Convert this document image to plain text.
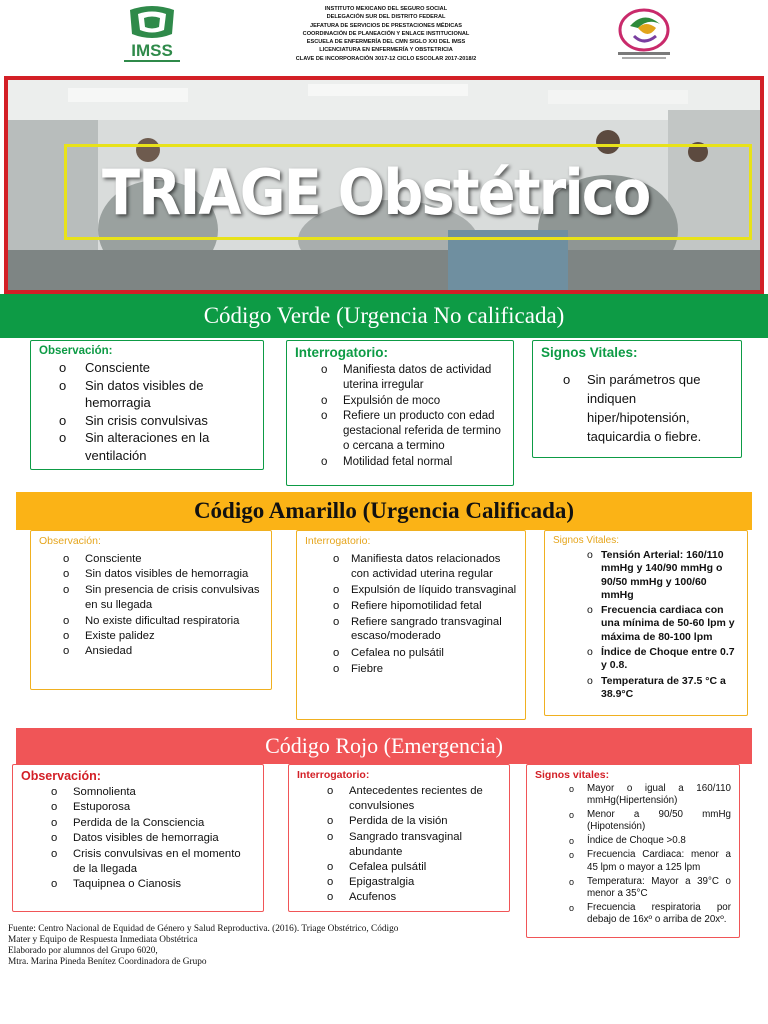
IMSS
INSTITUTO MEXICANO DEL SEGURO SOCIAL
DELEGACIÓN SUR DEL DISTRITO FEDERAL
JEFATURA DE SERVICIOS DE PRESTACIONES MÉDICAS
COORDINACIÓN DE PLANEACIÓN Y ENLACE INSTITUCIONAL
ESCUELA DE ENFERMERÍA DEL CMN SIGLO XXI DEL IMSS
LICENCIATURA EN ENFERMERÍA Y OBSTETRICIA
CLAVE DE INCORPORACIÓN 3017-12 CICLO ESCOLAR 2017-2018/2
TRIAGE Obstétrico
Código Verde (Urgencia No calificada)
Observación:
o Consciente
o Sin datos visibles de hemorragia
o Sin crisis convulsivas
o Sin alteraciones en la ventilación
Interrogatorio:
o Manifiesta datos de actividad uterina irregular
o Expulsión de moco
o Refiere un producto con edad gestacional referida de termino o cercana a termino
o Motilidad fetal normal
Signos Vitales:
o Sin parámetros que indiquen hiper/hipotensión, taquicardia o fiebre.
Código Amarillo (Urgencia Calificada)
Observación:
o Consciente
o Sin datos visibles de hemorragia
o Sin presencia de crisis convulsivas en su llegada
o No existe dificultad respiratoria
o Existe palidez
o Ansiedad
Interrogatorio:
o Manifiesta datos relacionados con actividad uterina regular
o Expulsión de líquido transvaginal
o Refiere hipomotilidad fetal
o Refiere sangrado transvaginal escaso/moderado
o Cefalea no pulsátil
o Fiebre
Signos Vitales:
o Tensión Arterial: 160/110 mmHg y 140/90 mmHg o 90/50 mmHg y 100/60 mmHg
o Frecuencia cardiaca con una mínima de 50-60 lpm y máxima de 80-100 lpm
o Índice de Choque entre 0.7 y 0.8.
o Temperatura de 37.5 °C a 38.9°C
Código Rojo (Emergencia)
Observación:
o Somnolienta
o Estuporosa
o Perdida de la Consciencia
o Datos visibles de hemorragia
o Crisis convulsivas en el momento de la llegada
o Taquipnea o Cianosis
Interrogatorio:
o Antecedentes recientes de convulsiones
o Perdida de la visión
o Sangrado transvaginal abundante
o Cefalea pulsátil
o Epigastralgia
o Acufenos
Signos vitales:
o Mayor o igual a 160/110 mmHg(Hipertensión)
o Menor a 90/50 mmHg (Hipotensión)
o Índice de Choque >0.8
o Frecuencia Cardiaca: menor a 45 lpm o mayor a 125 lpm
o Temperatura: Mayor a 39°C o menor a 35°C
o Frecuencia respiratoria por debajo de 16xº o arriba de 20xº.
Fuente: Centro Nacional de Equidad de Género y Salud Reproductiva. (2016). Triage Obstétrico, Código
Mater y Equipo de Respuesta Inmediata Obstétrica
Elaborado por alumnos del Grupo 6020,
Mtra. Marina Pineda Benítez Coordinadora de Grupo
